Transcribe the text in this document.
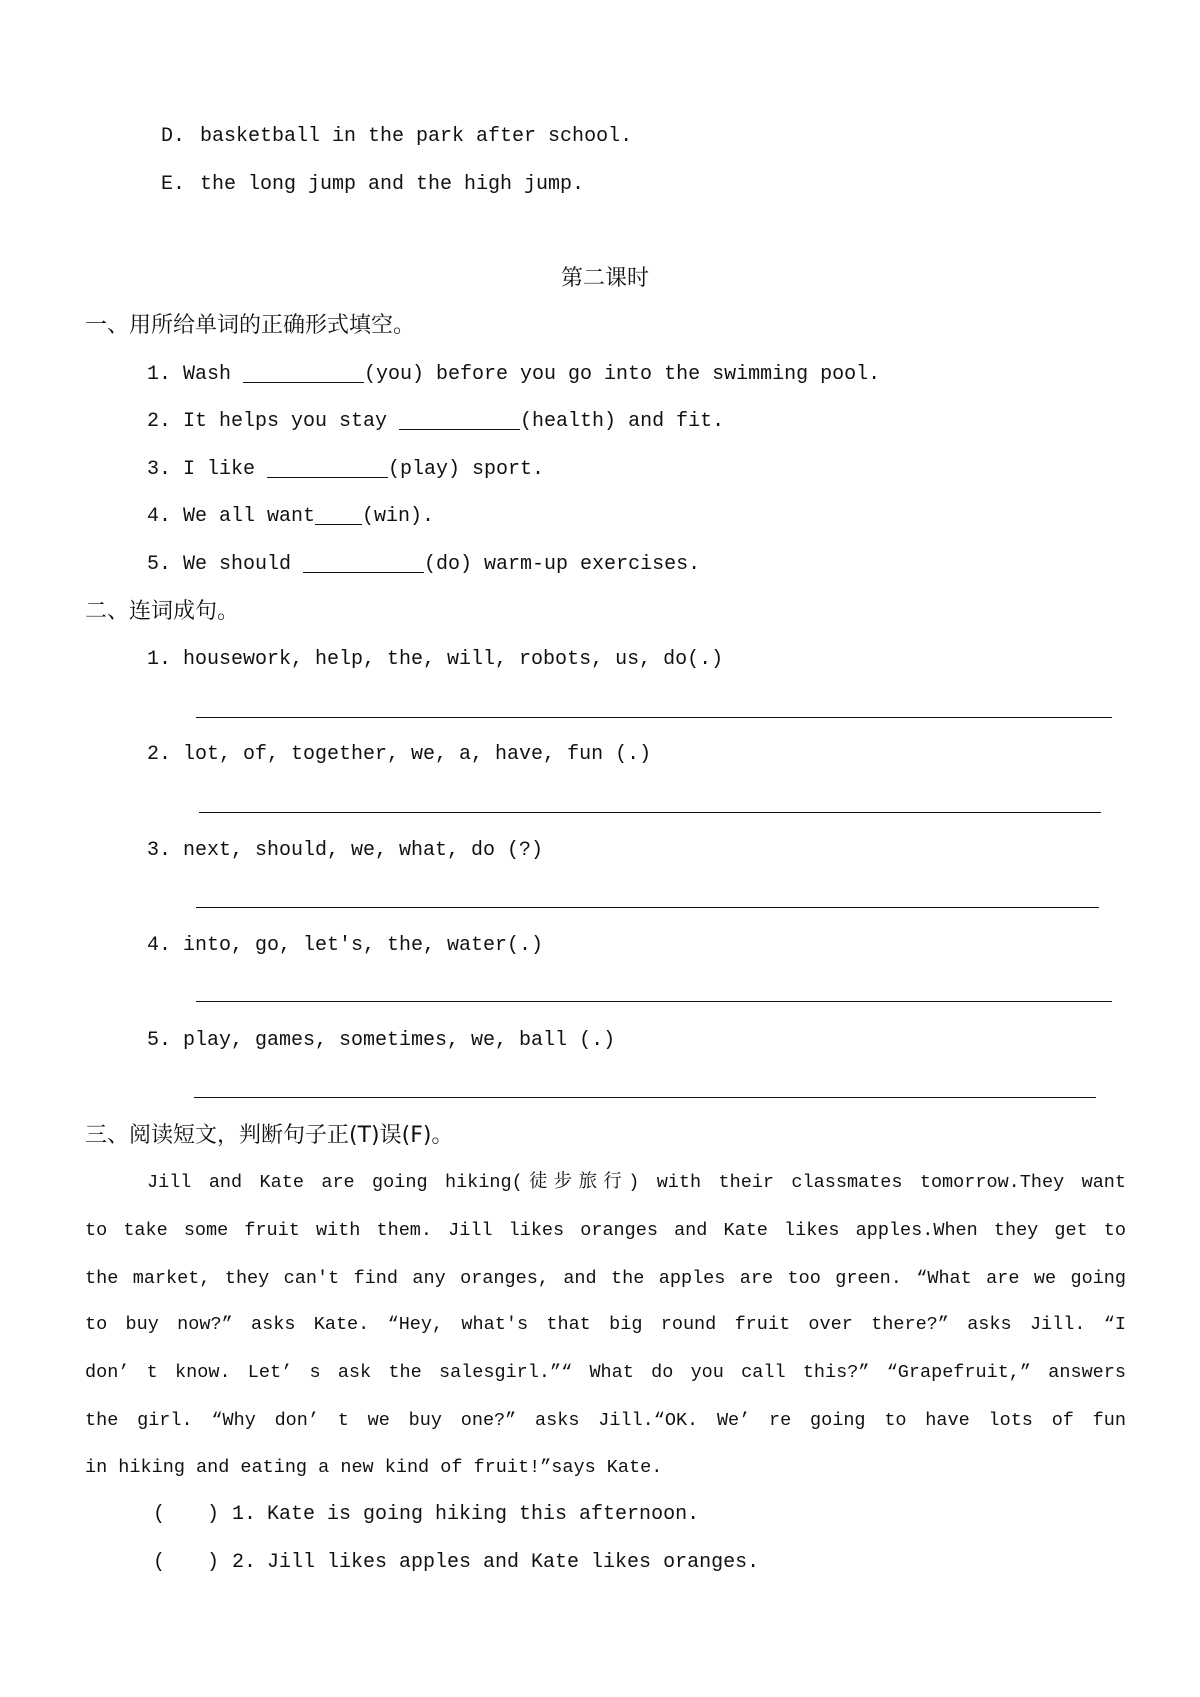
D. basketball in the park after school.
E. the long jump and the high jump.
第二课时
一、用所给单词的正确形式填空。
1. Wash	(you) before you go into the swimming pool.
2. It helps you stay	(health) and fit.
3. I like	(play) sport.
4. We all want (win).
5. We should	(do) warm-up exercises.
二、连词成句。
1. housework, help, the, will, robots, us, do(.)
2. lot, of, together, we, a, have, fun (.)
3. next, should, we, what, do (?)
4. into, go, let's, the, water(.)
5. play, games, sometimes, we, ball (.)
三、阅读短文，判断句子正(T)误(F)。
Jill and Kate are going hiking(徒步旅行) with their classmates tomorrow.They want
to take some fruit with them. Jill likes oranges and Kate likes apples.When they get to
the market, they can't find any oranges, and the apples are too green. “What are we going
to buy now?” asks Kate. “Hey, what's that big round fruit over there?” asks Jill. “I
don’ t know. Let’ s ask the salesgirl.”“ What do you call this?” “Grapefruit,” answers
the girl. “Why don’ t we buy one?” asks Jill.“OK. We’ re going to have lots of fun
in hiking and eating a new kind of fruit!”says Kate.
( ) 1. Kate is going hiking this afternoon.
( ) 2. Jill likes apples and Kate likes oranges.
